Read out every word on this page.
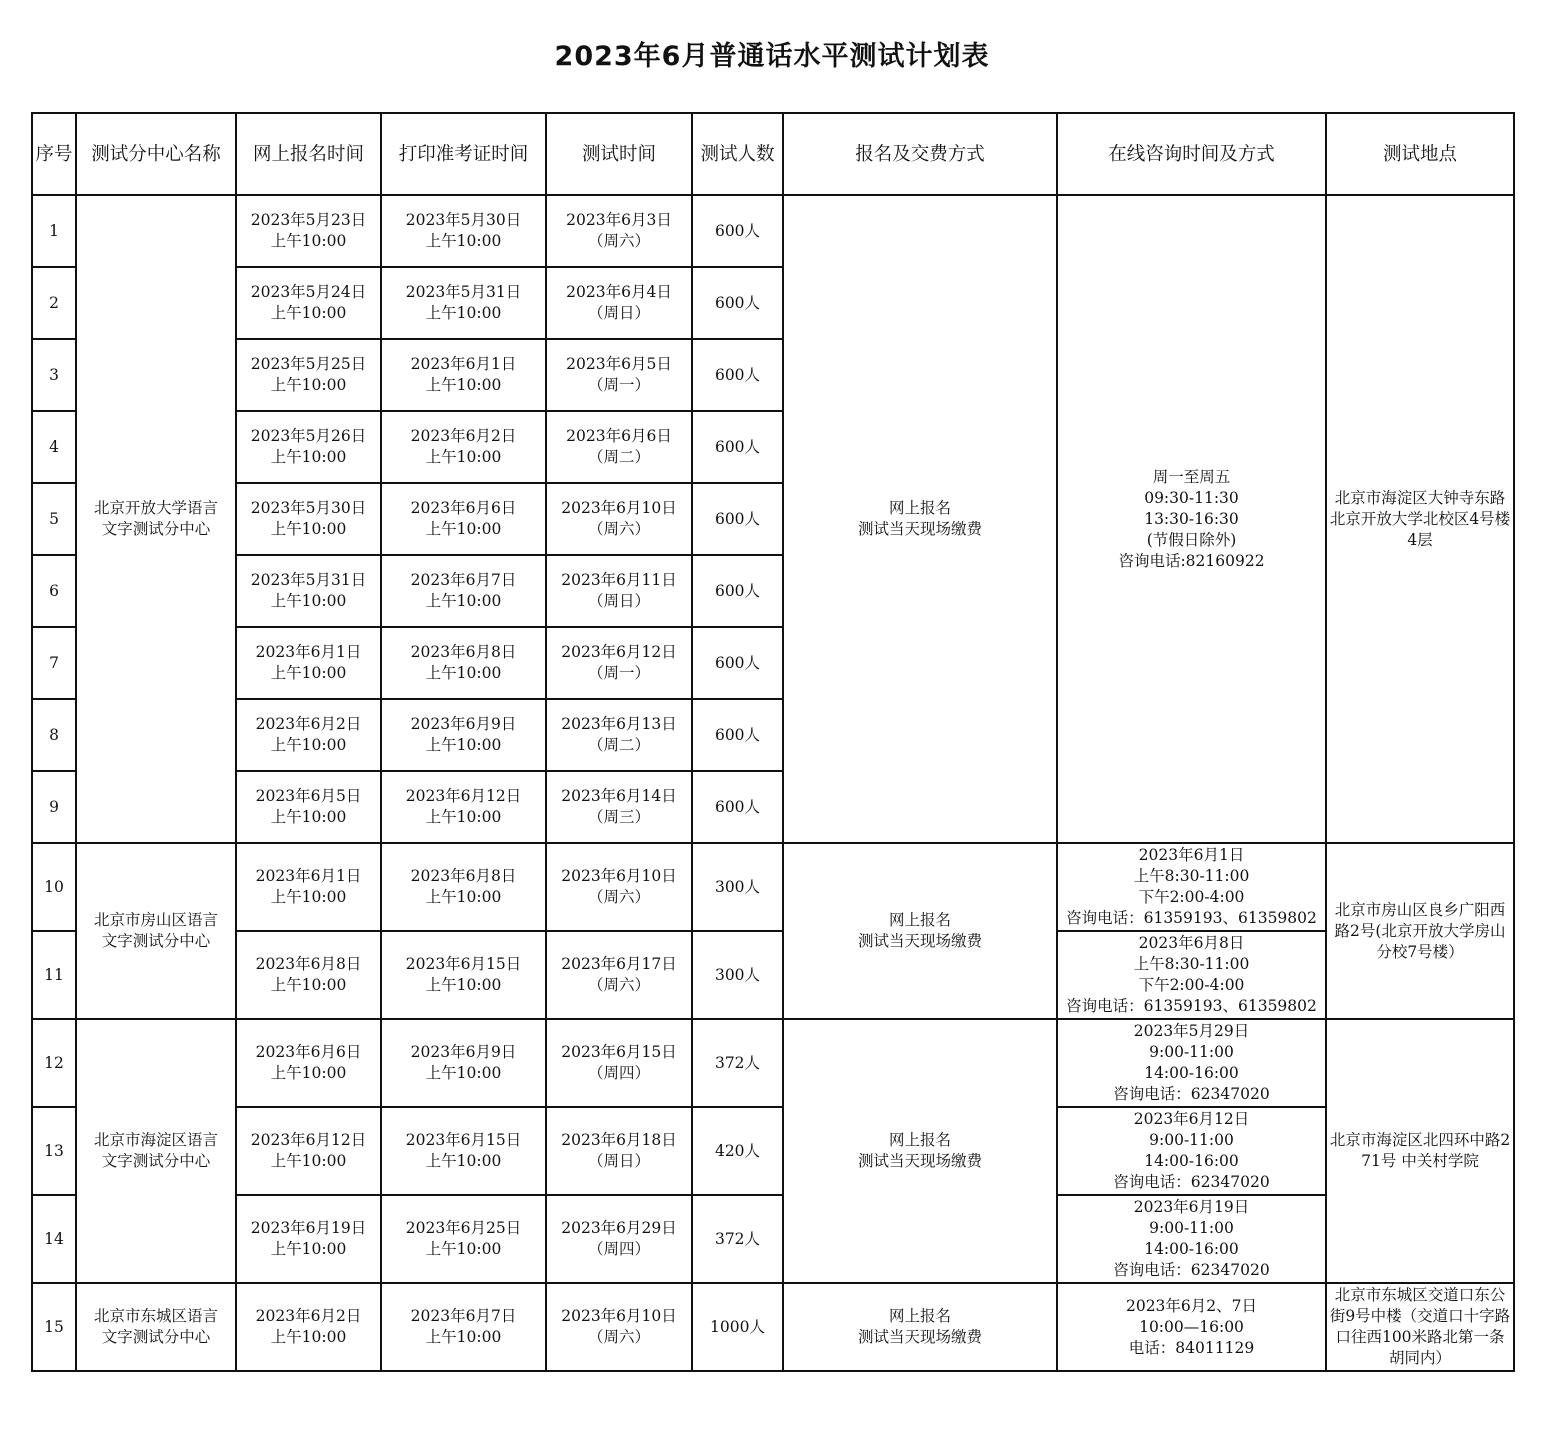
2023年6月普通话水平测试计划表
序号	测试分中心名称	网上报名时间	打印准考证时间	测试时间	测试人数	报名及交费方式	在线咨询时间及方式	测试地点
1	北京开放大学语言
文字测试分中心	2023年5月23日
上午10:00	2023年5月30日
上午10:00	2023年6月3日
（周六）	600人	网上报名
测试当天现场缴费	周一至周五
09:30-11:30
13:30-16:30
(节假日除外)
咨询电话:82160922	北京市海淀区大钟寺东路北京开放大学北校区4号楼4层
2		2023年5月24日
上午10:00	2023年5月31日
上午10:00	2023年6月4日
（周日）	600人			
3		2023年5月25日
上午10:00	2023年6月1日
上午10:00	2023年6月5日
（周一）	600人			
4		2023年5月26日
上午10:00	2023年6月2日
上午10:00	2023年6月6日
（周二）	600人			
5		2023年5月30日
上午10:00	2023年6月6日
上午10:00	2023年6月10日
（周六）	600人			
6		2023年5月31日
上午10:00	2023年6月7日
上午10:00	2023年6月11日
（周日）	600人			
7		2023年6月1日
上午10:00	2023年6月8日
上午10:00	2023年6月12日
（周一）	600人			
8		2023年6月2日
上午10:00	2023年6月9日
上午10:00	2023年6月13日
（周二）	600人			
9		2023年6月5日
上午10:00	2023年6月12日
上午10:00	2023年6月14日
（周三）	600人			
10	北京市房山区语言
文字测试分中心	2023年6月1日
上午10:00	2023年6月8日
上午10:00	2023年6月10日
（周六）	300人	网上报名
测试当天现场缴费	2023年6月1日
上午8:30-11:00
下午2:00-4:00
咨询电话：61359193、61359802	北京市房山区良乡广阳西路2号(北京开放大学房山分校7号楼）
11		2023年6月8日
上午10:00	2023年6月15日
上午10:00	2023年6月17日
（周六）	300人		2023年6月8日
上午8:30-11:00
下午2:00-4:00
咨询电话：61359193、61359802	
12	北京市海淀区语言
文字测试分中心	2023年6月6日
上午10:00	2023年6月9日
上午10:00	2023年6月15日
（周四）	372人	网上报名
测试当天现场缴费	2023年5月29日
9:00-11:00
14:00-16:00
咨询电话：62347020	北京市海淀区北四环中路271号 中关村学院
13		2023年6月12日
上午10:00	2023年6月15日
上午10:00	2023年6月18日
（周日）	420人		2023年6月12日
9:00-11:00
14:00-16:00
咨询电话：62347020	
14		2023年6月19日
上午10:00	2023年6月25日
上午10:00	2023年6月29日
（周四）	372人		2023年6月19日
9:00-11:00
14:00-16:00
咨询电话：62347020	
15	北京市东城区语言
文字测试分中心	2023年6月2日
上午10:00	2023年6月7日
上午10:00	2023年6月10日
（周六）	1000人	网上报名
测试当天现场缴费	2023年6月2、7日
10:00—16:00
电话：84011129	北京市东城区交道口东公街9号中楼（交道口十字路口往西100米路北第一条胡同内）
